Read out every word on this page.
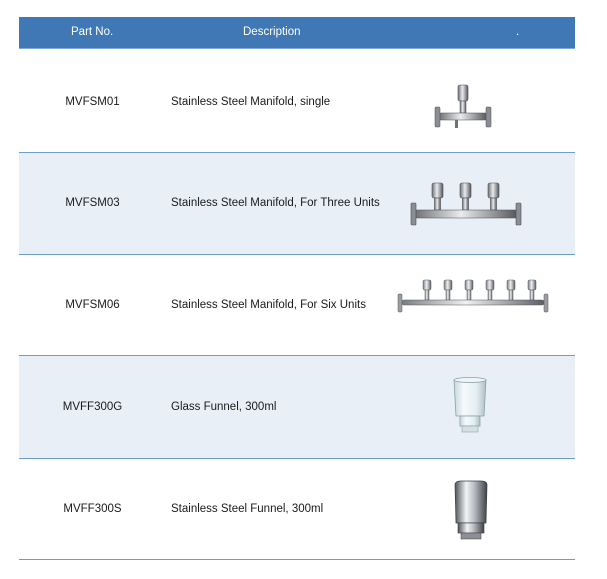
Part No.	Description	.
MVFSM01	Stainless Steel Manifold, single
MVFSM03	Stainless Steel Manifold, For Three Units
MVFSM06	Stainless Steel Manifold, For Six Units
MVFF300G	Glass Funnel, 300ml
MVFF300S	Stainless Steel Funnel, 300ml
